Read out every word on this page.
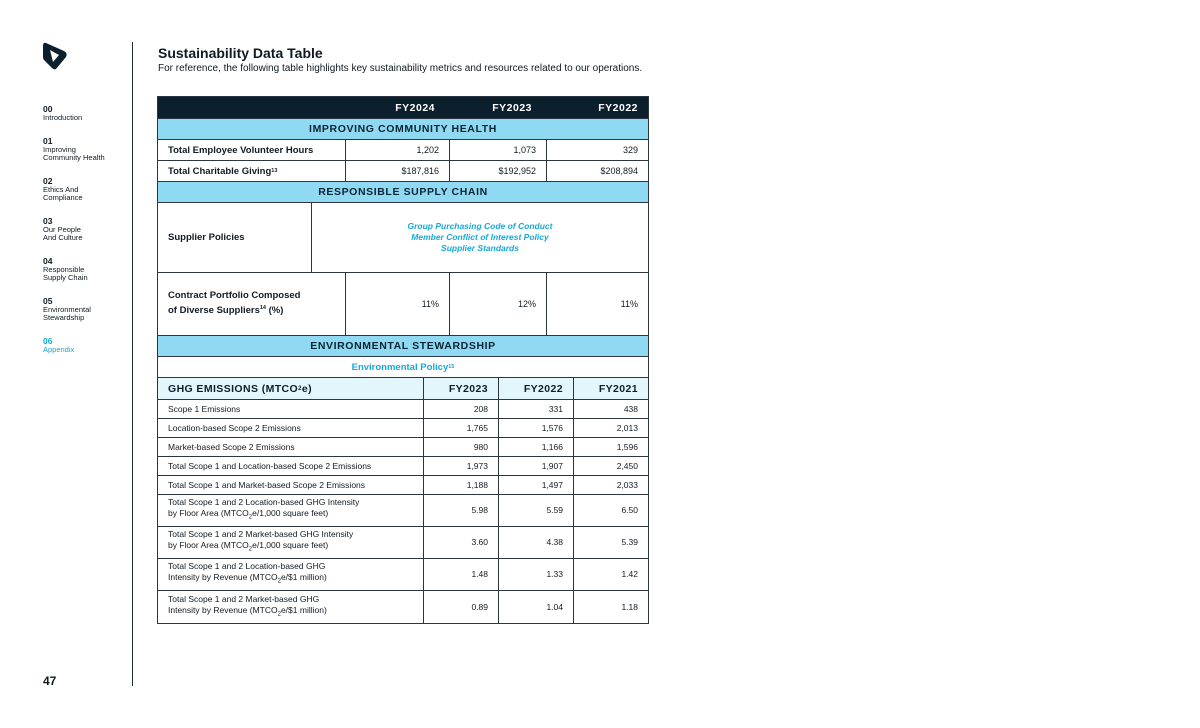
00
Introduction
01
Improving
Community Health
02
Ethics And
Compliance
03
Our People
And Culture
04
Responsible
Supply Chain
05
Environmental
Stewardship
06
Appendix
47
Sustainability Data Table

For reference, the following table highlights key sustainability metrics and resources related to our operations.

FY2024	FY2023	FY2022
IMPROVING COMMUNITY HEALTH
Total Employee Volunteer Hours	1,202	1,073	329
Total Charitable Giving 13	$187,816	$192,952	$208,894
RESPONSIBLE SUPPLY CHAIN
Supplier Policies
Group Purchasing Code of Conduct
Member Conflict of Interest Policy
Supplier Standards
Contract Portfolio Composed
of Diverse Suppliers$^{14}$ (%)
11%	12%	11%
ENVIRONMENTAL STEWARDSHIP
Environmental Policy 15
GHG EMISSIONS (MTCO 2 e)	FY2023	FY2022	FY2021
Scope 1 Emissions	208	331	438
Location-based Scope 2 Emissions	1,765	1,576	2,013
Market-based Scope 2 Emissions	980	1,166	1,596
Total Scope 1 and Location-based Scope 2 Emissions	1,973	1,907	2,450
Total Scope 1 and Market-based Scope 2 Emissions	1,188	1,497	2,033
Total Scope 1 and 2 Location-based GHG Intensity
by Floor Area ($MTCO_2e/1,000$ square feet)	5.98	5.59	6.50
Total Scope 1 and 2 Market-based GHG Intensity
by Floor Area ($MTCO_2e/1,000$ square feet)	3.60	4.38	5.39
Total Scope 1 and 2 Location-based GHG
Intensity by Revenue ($MTCO_2e/\$1$ million)	1.48	1.33	1.42
Total Scope 1 and 2 Market-based GHG
Intensity by Revenue ($MTCO_2e/\$1$ million)	0.89	1.04	1.18
